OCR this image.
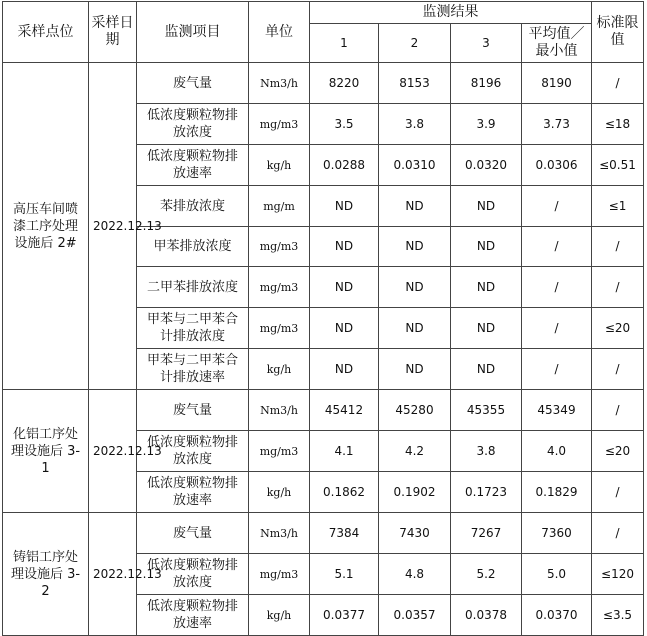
采样点位	采样日期	监测项目	单位	监测结果				标准限值
				1	2	3	平均值／最小值	
高压车间喷漆工序处理设施后 2#	2022.12.13	废气量	Nm3/h	8220	8153	8196	8190	/
		低浓度颗粒物排放浓度	mg/m3	3.5	3.8	3.9	3.73	≤18
		低浓度颗粒物排放速率	kg/h	0.0288	0.0310	0.0320	0.0306	≤0.51
		苯排放浓度	mg/m	ND	ND	ND	/	≤1
		甲苯排放浓度	mg/m3	ND	ND	ND	/	/
		二甲苯排放浓度	mg/m3	ND	ND	ND	/	/
		甲苯与二甲苯合计排放浓度	mg/m3	ND	ND	ND	/	≤20
		甲苯与二甲苯合计排放速率	kg/h	ND	ND	ND	/	/
化铝工序处理设施后 3-1	2022.12.13	废气量	Nm3/h	45412	45280	45355	45349	/
		低浓度颗粒物排放浓度	mg/m3	4.1	4.2	3.8	4.0	≤20
		低浓度颗粒物排放速率	kg/h	0.1862	0.1902	0.1723	0.1829	/
铸铝工序处理设施后 3-2	2022.12.13	废气量	Nm3/h	7384	7430	7267	7360	/
		低浓度颗粒物排放浓度	mg/m3	5.1	4.8	5.2	5.0	≤120
		低浓度颗粒物排放速率	kg/h	0.0377	0.0357	0.0378	0.0370	≤3.5
